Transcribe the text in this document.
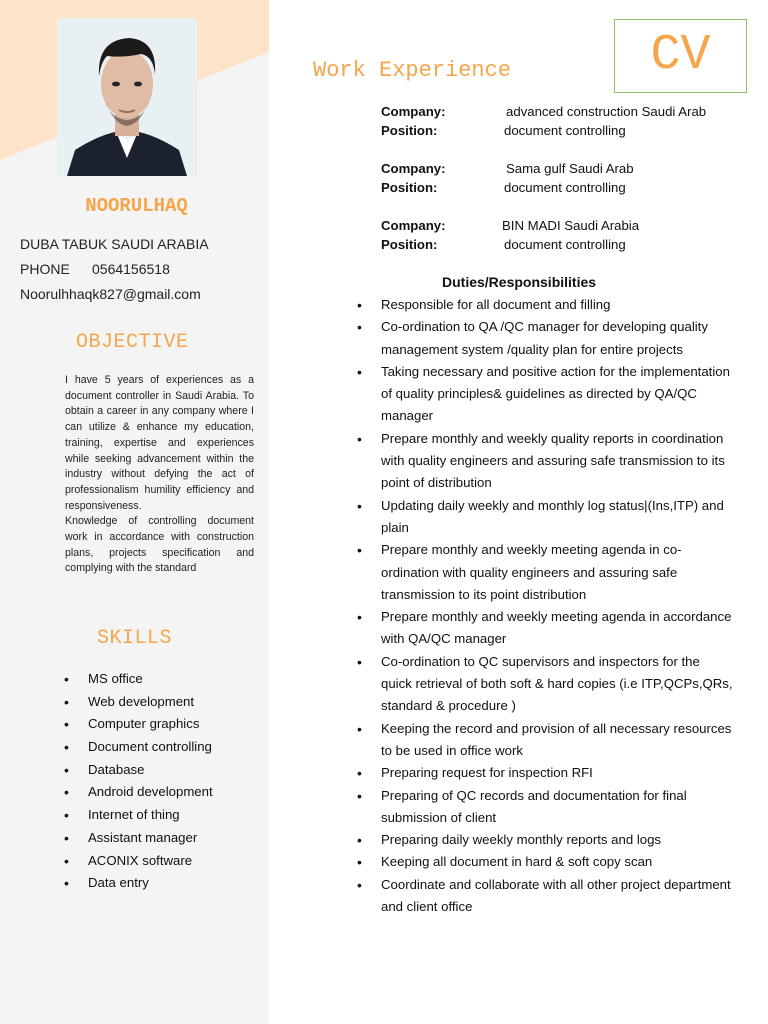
NOORULHAQ
DUBA TABUK SAUDI ARABIA
PHONE 0564156518
Noorulhhaqk827@gmail.com
OBJECTIVE

I have 5 years of experiences as a document controller in Saudi Arabia. To obtain a career in any company where I can utilize & enhance my education, training, expertise and experiences while seeking advancement within the industry without defying the act of professionalism humility efficiency and responsiveness.

Knowledge of controlling document work in accordance with construction plans, projects specification and complying with the standard

SKILLS
• MS office
• Web development
• Computer graphics
• Document controlling
• Database
• Android development
• Internet of thing
• Assistant manager
• ACONIX software
• Data entry
CV
Work Experience
Company:	advanced construction Saudi Arab
Position:	document controlling
Company:	Sama gulf Saudi Arab
Position:	document controlling
Company:	BIN MADI Saudi Arabia
Position:	document controlling
Duties/Responsibilities
• Responsible for all document and filling
• Co-ordination to QA /QC manager for developing quality management system /quality plan for entire projects
• Taking necessary and positive action for the implementation of quality principles& guidelines as directed by QA/QC manager
• Prepare monthly and weekly quality reports in coordination with quality engineers and assuring safe transmission to its point of distribution
• Updating daily weekly and monthly log status|(Ins,ITP) and plain
• Prepare monthly and weekly meeting agenda in co-ordination with quality engineers and assuring safe transmission to its point distribution
• Prepare monthly and weekly meeting agenda in accordance with QA/QC manager
• Co-ordination to QC supervisors and inspectors for the quick retrieval of both soft & hard copies (i.e ITP,QCPs,QRs, standard & procedure )
• Keeping the record and provision of all necessary resources to be used in office work
• Preparing request for inspection RFI
• Preparing of QC records and documentation for final submission of client
• Preparing daily weekly monthly reports and logs
• Keeping all document in hard & soft copy scan
• Coordinate and collaborate with all other project department and client office
